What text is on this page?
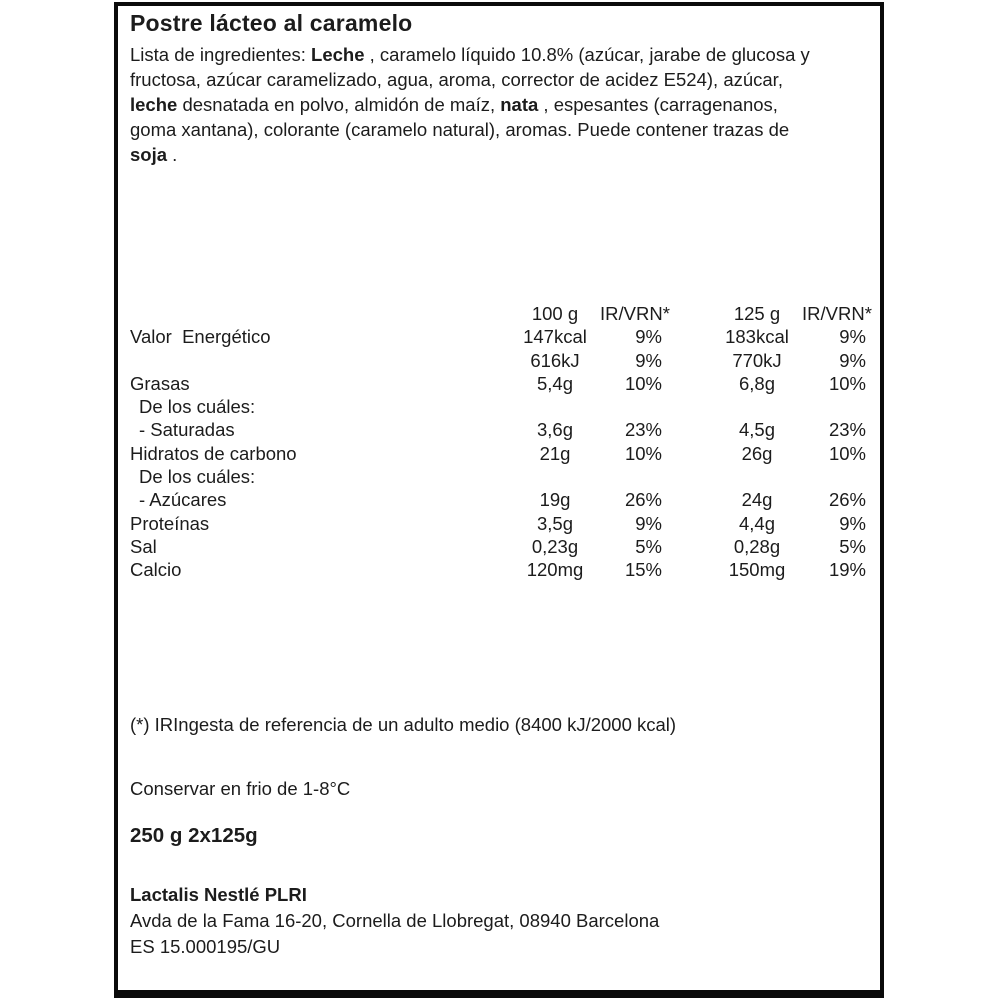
Postre lácteo al caramelo
Lista de ingredientes: Leche , caramelo líquido 10.8% (azúcar, jarabe de glucosa y
fructosa, azúcar caramelizado, agua, aroma, corrector de acidez E524), azúcar,
leche desnatada en polvo, almidón de maíz, nata , espesantes (carragenanos,
goma xantana), colorante (caramelo natural), aromas. Puede contener trazas de
soja .
100 g	IR/VRN*	125 g	IR/VRN*
Valor  Energético	147kcal	9%	183kcal	9%
616kJ	9%	770kJ	9%
Grasas	5,4g	10%	6,8g	10%
De los cuáles:
- Saturadas	3,6g	23%	4,5g	23%
Hidratos de carbono	21g	10%	26g	10%
De los cuáles:
- Azúcares	19g	26%	24g	26%
Proteínas	3,5g	9%	4,4g	9%
Sal	0,23g	5%	0,28g	5%
Calcio	120mg	15%	150mg	19%
(*) IRIngesta de referencia de un adulto medio (8400 kJ/2000 kcal)
Conservar en frio de 1-8°C
250 g 2x125g
Lactalis Nestlé PLRI
Avda de la Fama 16-20, Cornella de Llobregat, 08940 Barcelona
ES 15.000195/GU
